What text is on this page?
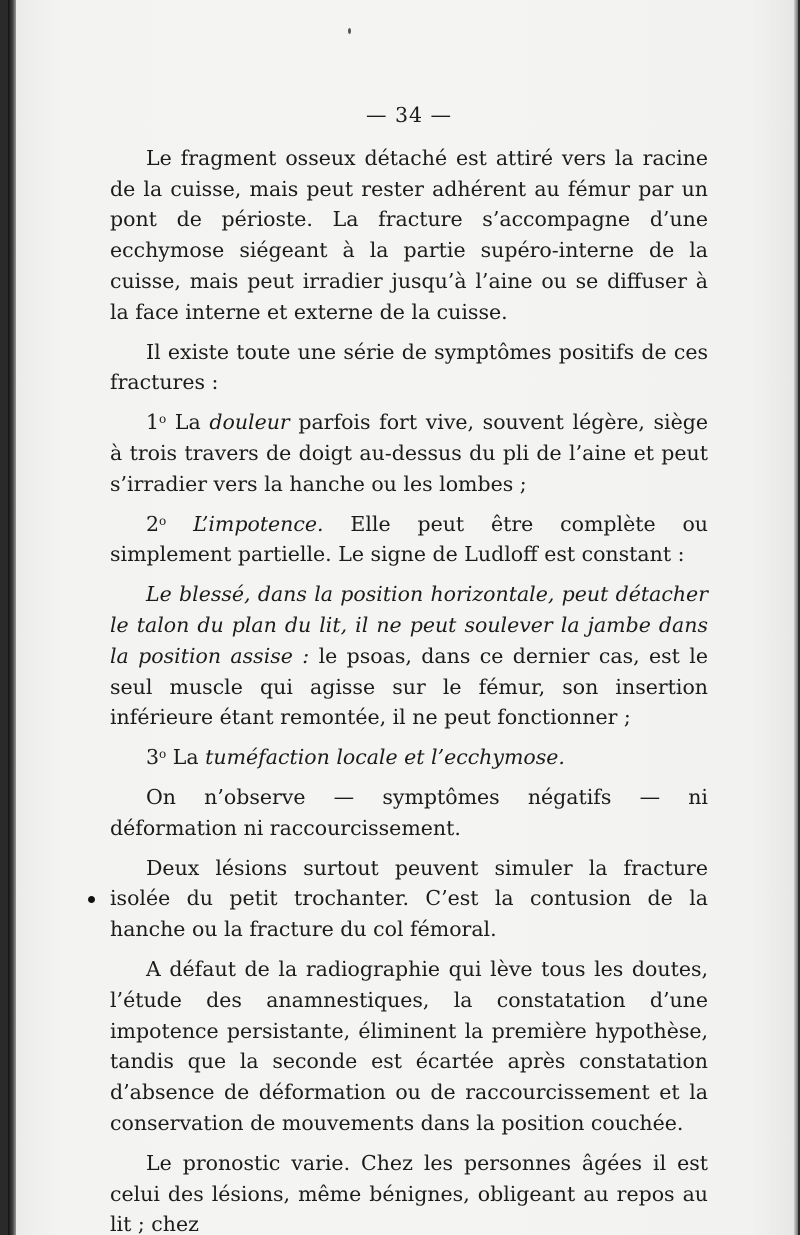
— 34 —

Le fragment osseux détaché est attiré vers la racine de la cuisse, mais peut rester adhérent au fémur par un pont de périoste. La fracture s’accompagne d’une ecchymose siégeant à la partie supéro-interne de la cuisse, mais peut irradier jusqu’à l’aine ou se diffuser à la face interne et externe de la cuisse.

Il existe toute une série de symptômes positifs de ces fractures :

1$^o$ La douleur parfois fort vive, souvent légère, siège à trois travers de doigt au-dessus du pli de l’aine et peut s’irradier vers la hanche ou les lombes ;

2$^o$ L’impotence. Elle peut être complète ou simplement partielle. Le signe de Ludloff est constant :

Le blessé, dans la position horizontale, peut détacher le talon du plan du lit, il ne peut soulever la jambe dans la position assise : le psoas, dans ce dernier cas, est le seul muscle qui agisse sur le fémur, son insertion inférieure étant remontée, il ne peut fonctionner ;

3$^o$ La tuméfaction locale et l’ecchymose.

On n’observe — symptômes négatifs — ni déformation ni raccourcissement.

Deux lésions surtout peuvent simuler la fracture isolée du petit trochanter. C’est la contusion de la hanche ou la fracture du col fémoral.

A défaut de la radiographie qui lève tous les doutes, l’étude des anamnestiques, la constatation d’une impotence persistante, éliminent la première hypothèse, tandis que la seconde est écartée après constatation d’absence de déformation ou de raccourcissement et la conservation de mouvements dans la position couchée.

Le pronostic varie. Chez les personnes âgées il est celui des lésions, même bénignes, obligeant au repos au lit ; chez
